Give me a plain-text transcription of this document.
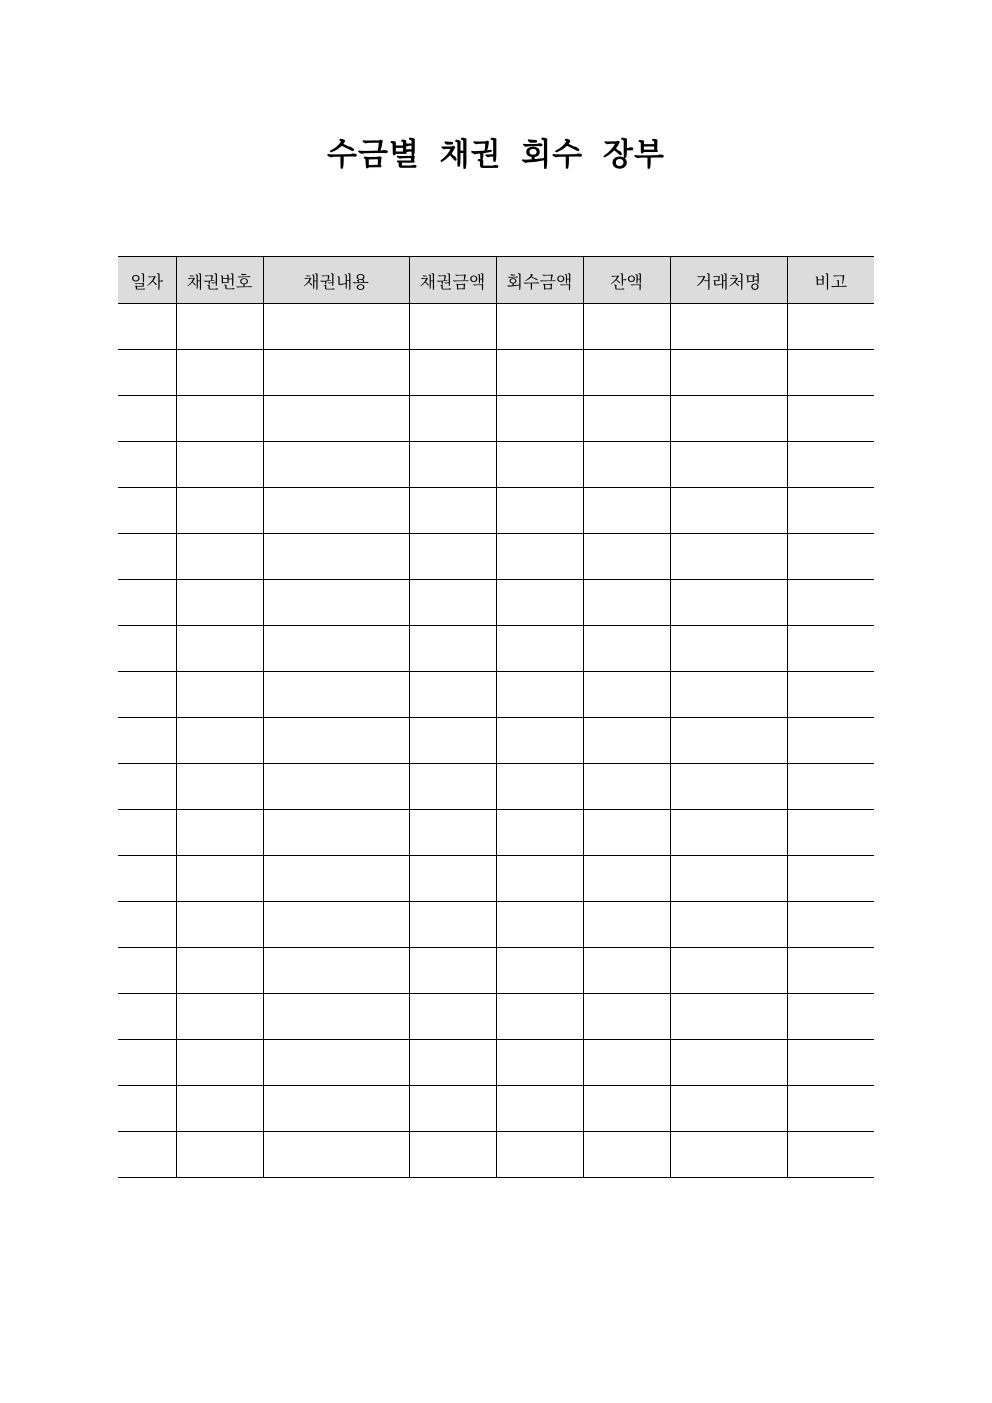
수금별 채권 회수 장부
일자	채권번호	채권내용	채권금액	회수금액	잔액	거래처명	비고
